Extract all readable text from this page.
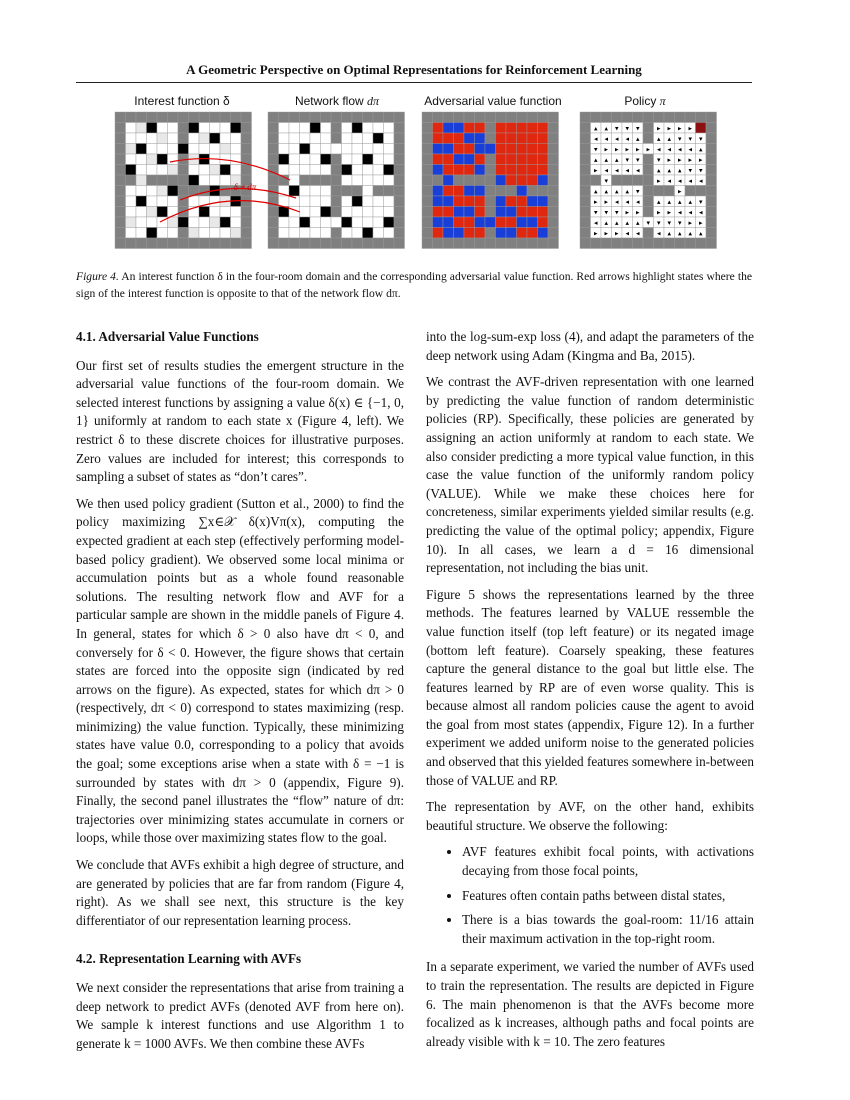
A Geometric Perspective on Optimal Representations for Reinforcement Learning
Interest function δ	Network flow dπ	Adversarial value function	Policy π
▴ ▴ ▾ ▾ ▾ ▸ ▸ ▸ ▸
◂ ◂ ◂ ◂ ▴ ▴ ▴ ▾ ▾ ▾
▾ ▸ ▸ ▸ ▸ ▸ ◂ ◂ ◂ ◂ ▴
▴ ▴ ▴ ▾ ▾ ▾ ▸ ▸ ▸ ▸
▸ ◂ ◂ ◂ ◂ ▴ ▴ ▴ ▾ ▾
▾	▸ ◂ ◂ ◂ ◂
▴ ▴ ▴ ▴ ▾	▸
▸ ▸ ◂ ◂ ◂ ▴ ▴ ▴ ▴ ▾
▾ ▾ ▾ ▸ ▸ ▸ ▸ ◂ ◂ ◂
◂ ▴ ▴ ▴ ▴ ▾ ▾ ▾ ▾ ▸ ▸
▸ ▸ ▸ ◂ ◂ ◂ ▴ ▴ ▴ ▴
δ ≠ dπ
Figure 4. An interest function δ in the four-room domain and the corresponding adversarial value function. Red arrows highlight states where the sign of the interest function is opposite to that of the network flow dπ.
4.1. Adversarial Value Functions

Our first set of results studies the emergent structure in the adversarial value functions of the four-room domain. We selected interest functions by assigning a value δ(x) ∈ {−1, 0, 1} uniformly at random to each state x (Figure 4, left). We restrict δ to these discrete choices for illustrative purposes. Zero values are included for interest; this corresponds to sampling a subset of states as “don’t cares”.

We then used policy gradient (Sutton et al., 2000) to find the policy maximizing ∑x∈𝒳 δ(x)Vπ(x), computing the expected gradient at each step (effectively performing model-based policy gradient). We observed some local minima or accumulation points but as a whole found reasonable solutions. The resulting network flow and AVF for a particular sample are shown in the middle panels of Figure 4. In general, states for which δ > 0 also have dπ < 0, and conversely for δ < 0. However, the figure shows that certain states are forced into the opposite sign (indicated by red arrows on the figure). As expected, states for which dπ > 0 (respectively, dπ < 0) correspond to states maximizing (resp. minimizing) the value function. Typically, these minimizing states have value 0.0, corresponding to a policy that avoids the goal; some exceptions arise when a state with δ = −1 is surrounded by states with dπ > 0 (appendix, Figure 9). Finally, the second panel illustrates the “flow” nature of dπ: trajectories over minimizing states accumulate in corners or loops, while those over maximizing states flow to the goal.

We conclude that AVFs exhibit a high degree of structure, and are generated by policies that are far from random (Figure 4, right). As we shall see next, this structure is the key differentiator of our representation learning process.

4.2. Representation Learning with AVFs

We next consider the representations that arise from training a deep network to predict AVFs (denoted AVF from here on). We sample k interest functions and use Algorithm 1 to generate k = 1000 AVFs. We then combine these AVFs

into the log-sum-exp loss (4), and adapt the parameters of the deep network using Adam (Kingma and Ba, 2015).

We contrast the AVF-driven representation with one learned by predicting the value function of random deterministic policies (RP). Specifically, these policies are generated by assigning an action uniformly at random to each state. We also consider predicting a more typical value function, in this case the value function of the uniformly random policy (VALUE). While we make these choices here for concreteness, similar experiments yielded similar results (e.g. predicting the value of the optimal policy; appendix, Figure 10). In all cases, we learn a d = 16 dimensional representation, not including the bias unit.

Figure 5 shows the representations learned by the three methods. The features learned by VALUE ressemble the value function itself (top left feature) or its negated image (bottom left feature). Coarsely speaking, these features capture the general distance to the goal but little else. The features learned by RP are of even worse quality. This is because almost all random policies cause the agent to avoid the goal from most states (appendix, Figure 12). In a further experiment we added uniform noise to the generated policies and observed that this yielded features somewhere in-between those of VALUE and RP.

The representation by AVF, on the other hand, exhibits beautiful structure. We observe the following:

• AVF features exhibit focal points, with activations decaying from those focal points,
• Features often contain paths between distal states,
• There is a bias towards the goal-room: 11/16 attain their maximum activation in the top-right room.

In a separate experiment, we varied the number of AVFs used to train the representation. The results are depicted in Figure 6. The main phenomenon is that the AVFs become more focalized as k increases, although paths and focal points are already visible with k = 10. The zero features
